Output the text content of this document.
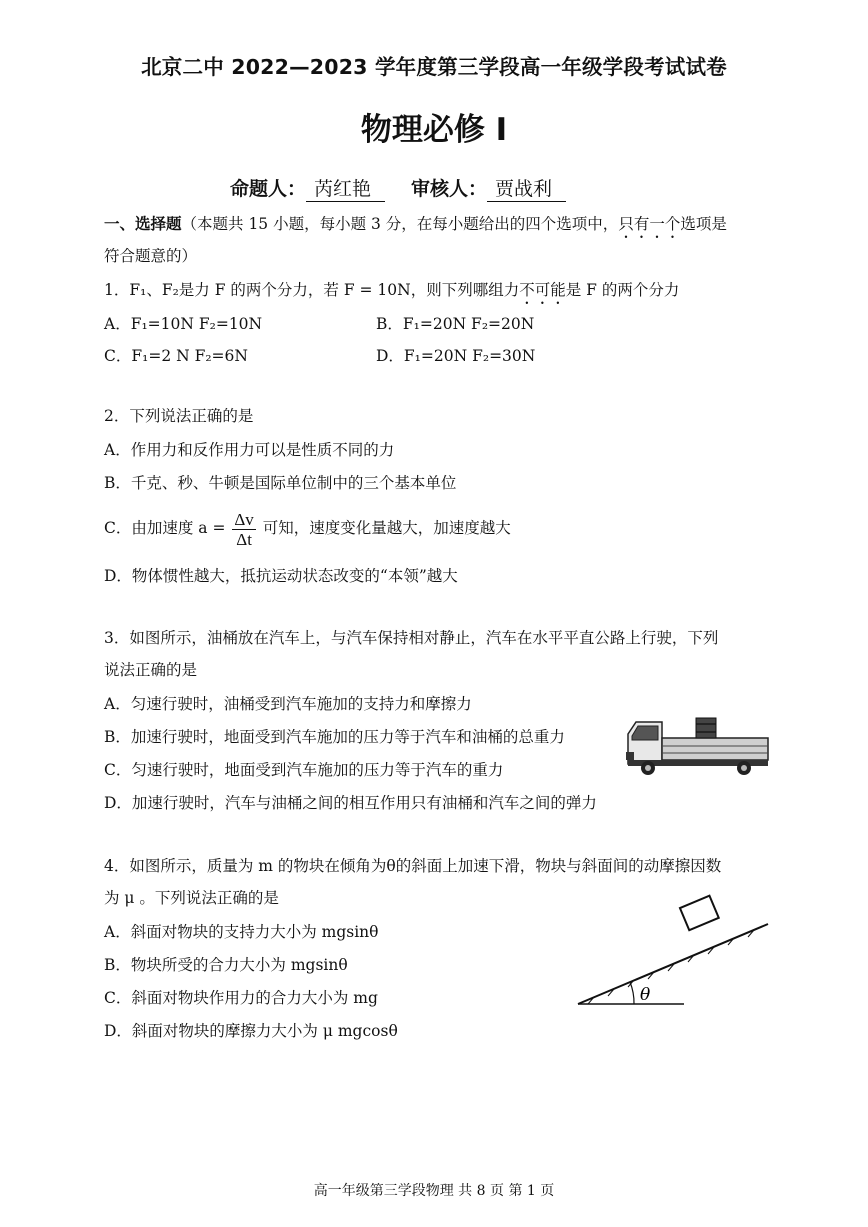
北京二中 2022—2023 学年度第三学段高一年级学段考试试卷
物理必修 I
命题人： 芮红艳 审核人： 贾战利
一、选择题（本题共 15 小题，每小题 3 分，在每小题给出的四个选项中，只有一个选项是
符合题意的）
1．F₁、F₂是力 F 的两个分力，若 F = 10N，则下列哪组力不可能是 F 的两个分力
A．F₁=10N F₂=10N	B．F₁=20N F₂=20N
C．F₁=2 N F₂=6N	D．F₁=20N F₂=30N
2．下列说法正确的是
A．作用力和反作用力可以是性质不同的力
B．千克、秒、牛顿是国际单位制中的三个基本单位
C．由加速度 $a = \frac{\Delta v}{\Delta t}$ 可知，速度变化量越大，加速度越大
D．物体惯性越大，抵抗运动状态改变的“本领”越大
3．如图所示，油桶放在汽车上，与汽车保持相对静止，汽车在水平平直公路上行驶，下列
说法正确的是
A．匀速行驶时，油桶受到汽车施加的支持力和摩擦力
B．加速行驶时，地面受到汽车施加的压力等于汽车和油桶的总重力
C．匀速行驶时，地面受到汽车施加的压力等于汽车的重力
D．加速行驶时，汽车与油桶之间的相互作用只有油桶和汽车之间的弹力
4．如图所示，质量为 m 的物块在倾角为θ的斜面上加速下滑，物块与斜面间的动摩擦因数
为 μ 。下列说法正确的是
A．斜面对物块的支持力大小为 mgsinθ
B．物块所受的合力大小为 mgsinθ
C．斜面对物块作用力的合力大小为 mg
D．斜面对物块的摩擦力大小为 μ mgcosθ
θ
高一年级第三学段物理 共 8 页 第 1 页
